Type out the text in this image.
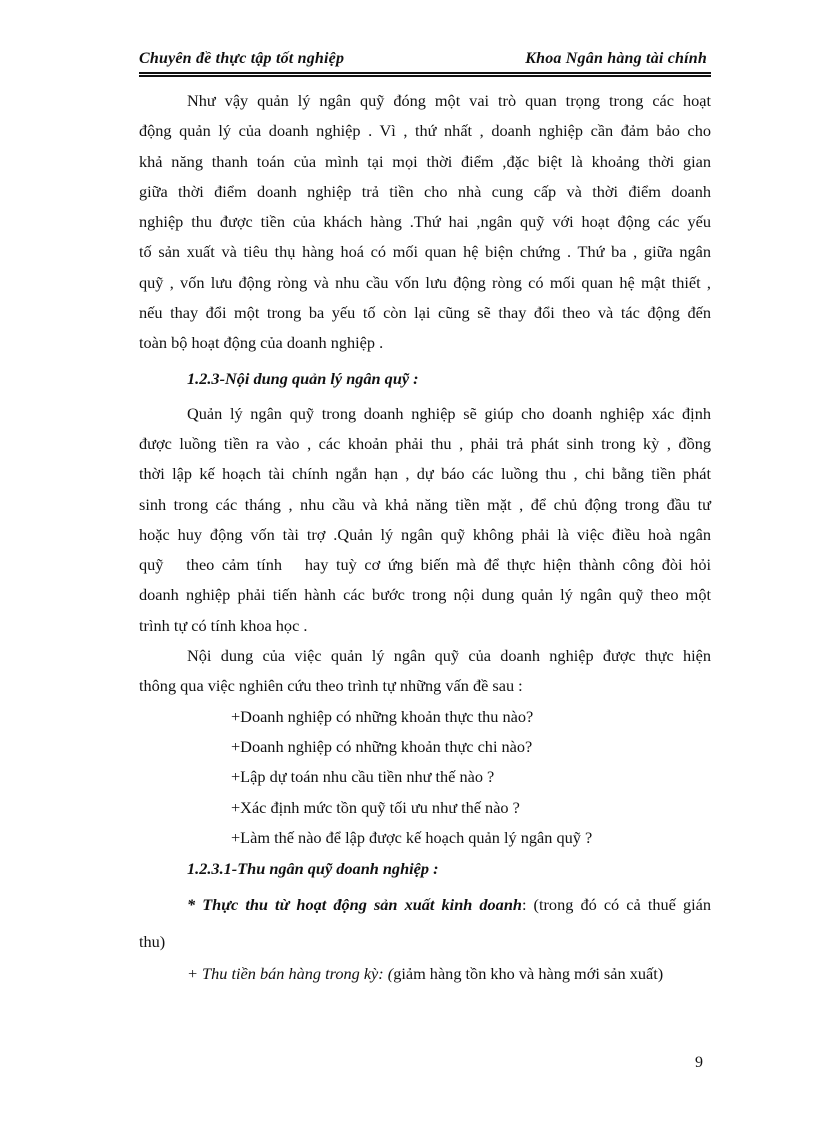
Chuyên đề thực tập tốt nghiệp	Khoa Ngân hàng tài chính
Như vậy quản lý ngân quỹ đóng một vai trò quan trọng trong các hoạt
động quản lý của doanh nghiệp . Vì , thứ nhất , doanh nghiệp cần đảm bảo cho
khả năng thanh toán của mình tại mọi thời điểm ,đặc biệt là khoảng thời gian
giữa thời điểm doanh nghiệp trả tiền cho nhà cung cấp và thời điểm doanh
nghiệp thu được tiền của khách hàng .Thứ hai ,ngân quỹ với hoạt động các yếu
tố sản xuất và tiêu thụ hàng hoá có mối quan hệ biện chứng . Thứ ba , giữa ngân
quỹ , vốn lưu động ròng và nhu cầu vốn lưu động ròng có mối quan hệ mật thiết ,
nếu thay đổi một trong ba yếu tố còn lại cũng sẽ thay đổi theo và tác động đến
toàn bộ hoạt động của doanh nghiệp .
1.2.3-Nội dung quản lý ngân quỹ :
Quản lý ngân quỹ trong doanh nghiệp sẽ giúp cho doanh nghiệp xác định
được luồng tiền ra vào , các khoản phải thu , phải trả phát sinh trong kỳ , đồng
thời lập kế hoạch tài chính ngắn hạn , dự báo các luồng thu , chi bằng tiền phát
sinh trong các tháng , nhu cầu và khả năng tiền mặt , để chủ động trong đầu tư
hoặc huy động vốn tài trợ .Quản lý ngân quỹ không phải là việc điều hoà ngân
quỹ   theo cảm tính   hay tuỳ cơ ứng biến mà để thực hiện thành công đòi hỏi
doanh nghiệp phải tiến hành các bước trong nội dung quản lý ngân quỹ theo một
trình tự có tính khoa học .
Nội dung của việc quản lý ngân quỹ của doanh nghiệp được thực hiện
thông qua việc nghiên cứu theo trình tự những vấn đề sau :
+Doanh nghiệp có những khoản thực thu nào?
+Doanh nghiệp có những khoản thực chi nào?
+Lập dự toán nhu cầu tiền như thế nào ?
+Xác định mức tồn quỹ tối ưu như thế nào ?
+Làm thế nào để lập được kế hoạch quản lý ngân quỹ ?
1.2.3.1-Thu ngân quỹ doanh nghiệp :
* Thực thu từ hoạt động sản xuất kinh doanh: (trong đó có cả thuế gián
thu)
+ Thu tiền bán hàng trong kỳ: (giảm hàng tồn kho và hàng mới sản xuất)
9
